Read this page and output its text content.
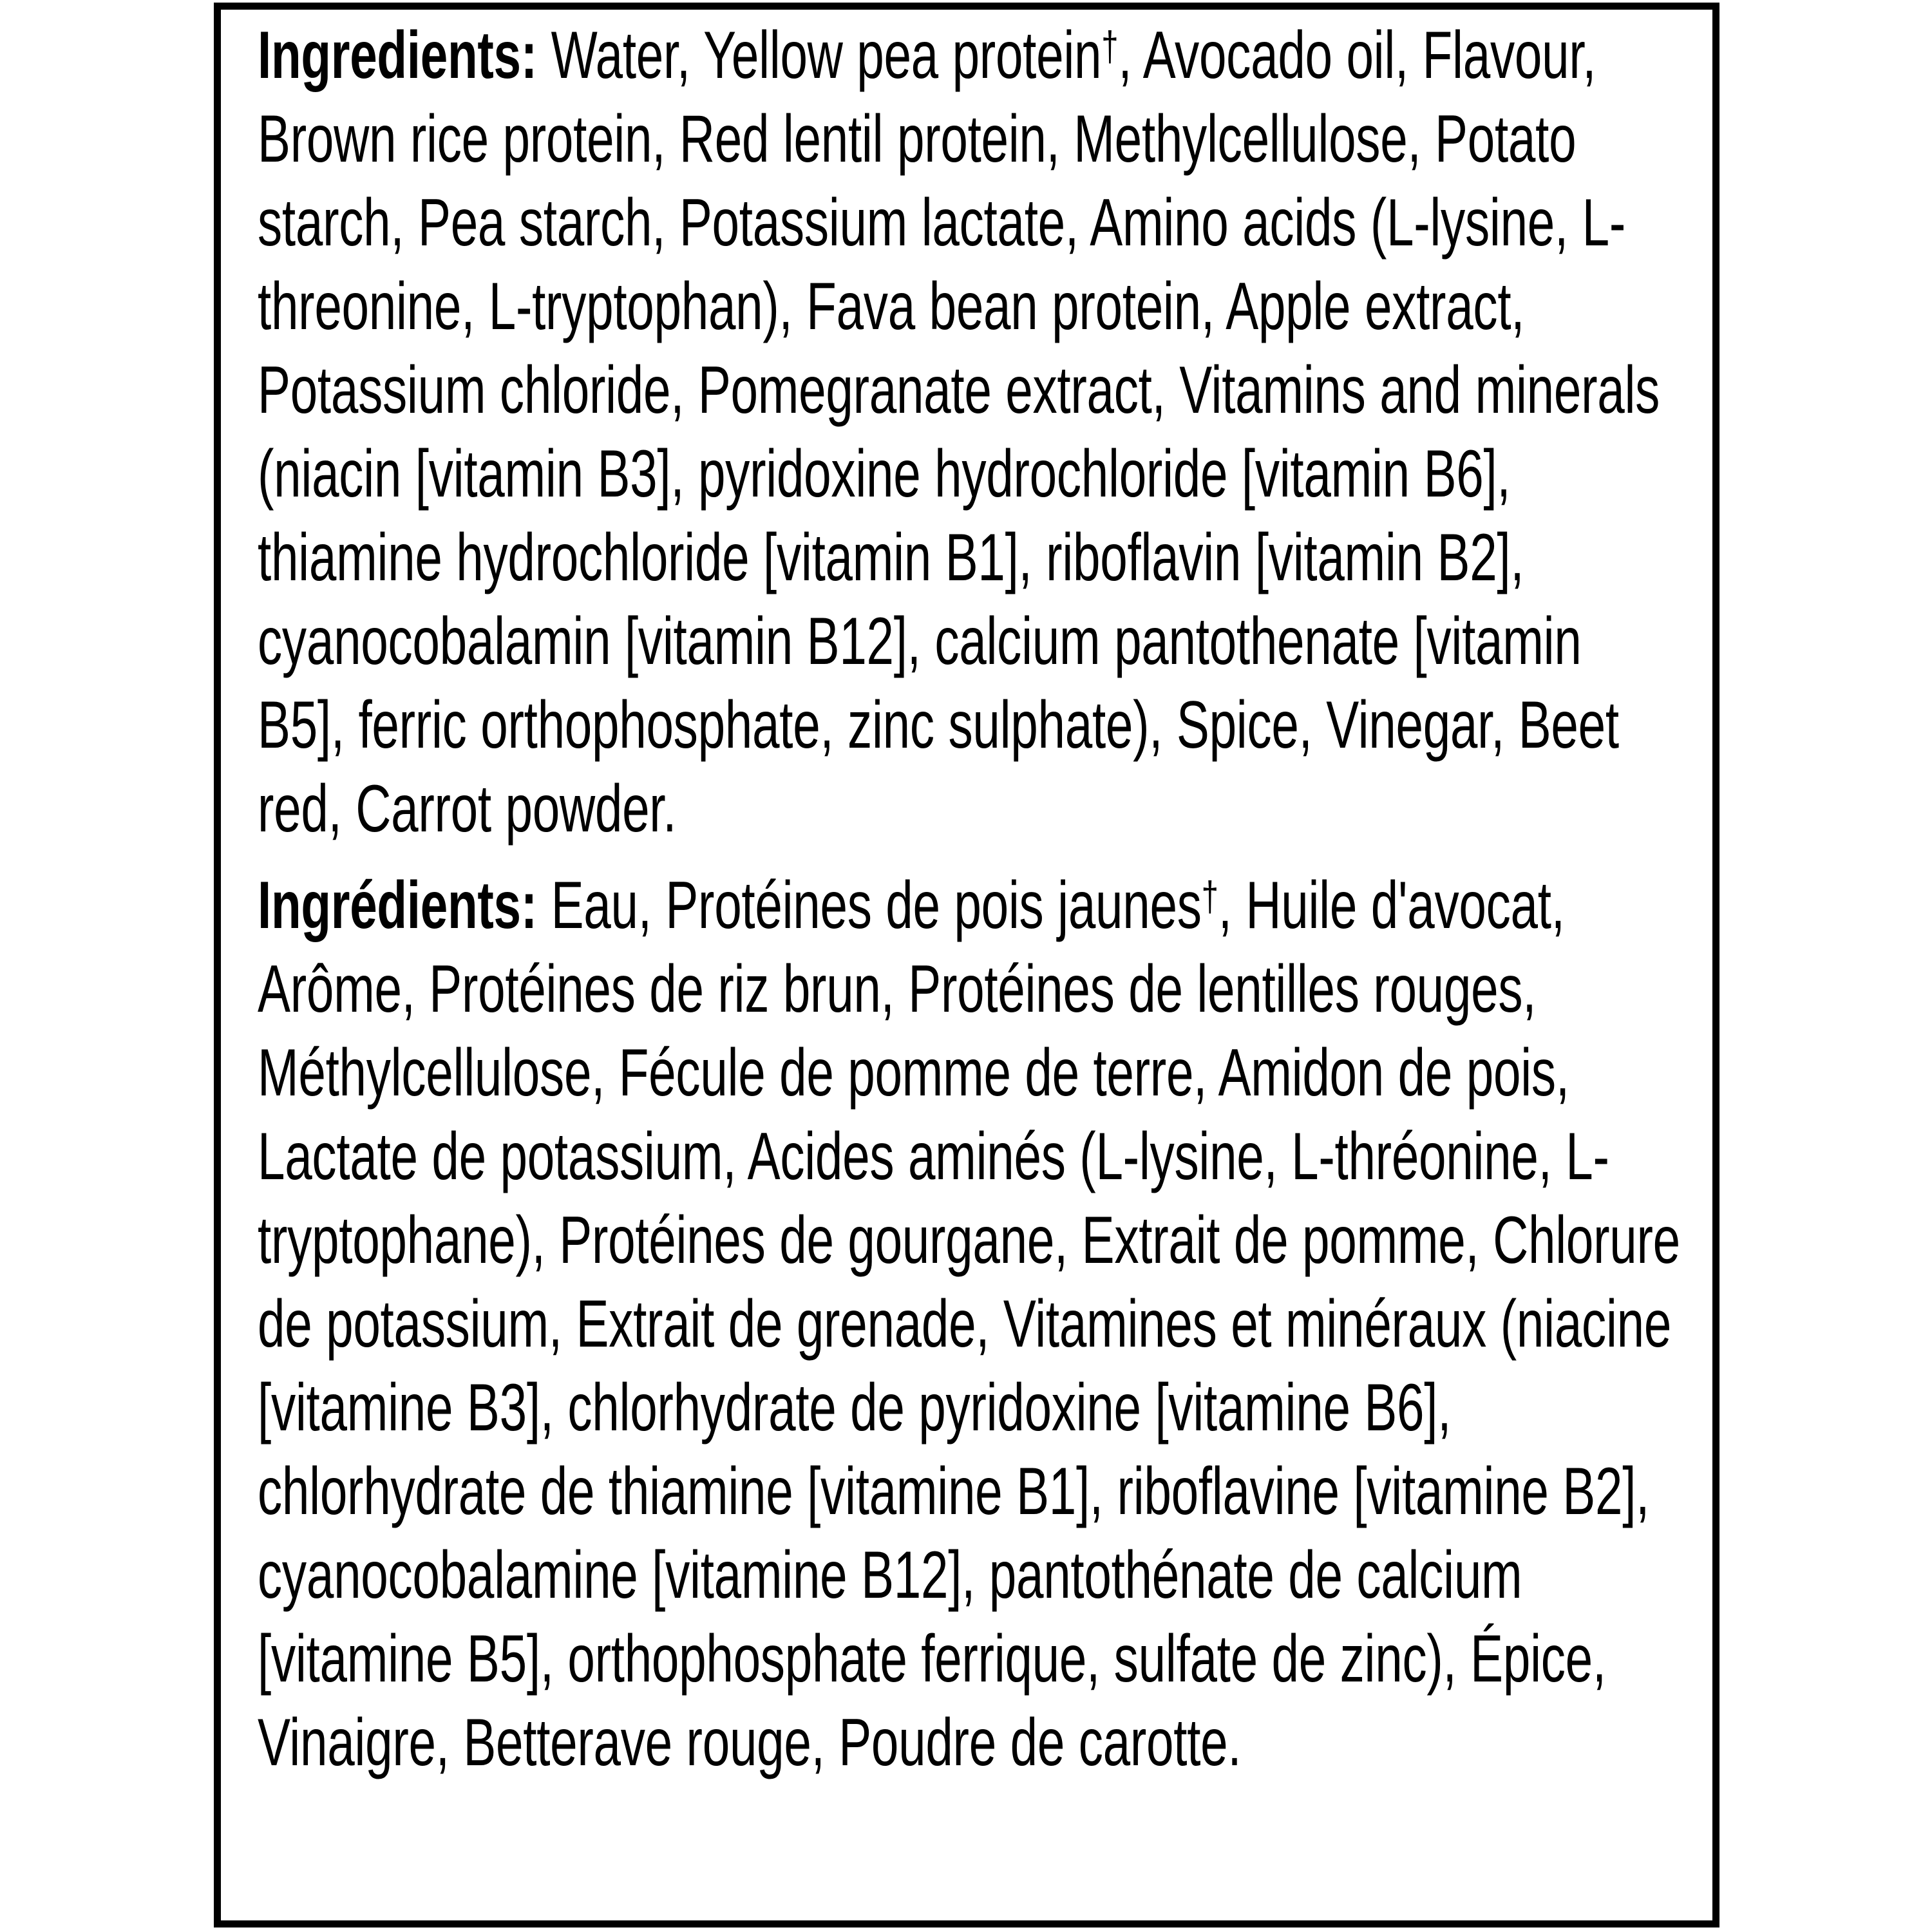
Ingredients: Water, Yellow pea protein†, Avocado oil, Flavour, Brown rice protein, Red lentil protein, Methylcellulose, Potato starch, Pea starch, Potassium lactate, Amino acids (L-lysine, L-threonine, L-tryptophan), Fava bean protein, Apple extract, Potassium chloride, Pomegranate extract, Vitamins and minerals (niacin [vitamin B3], pyridoxine hydrochloride [vitamin B6], thiamine hydrochloride [vitamin B1], riboflavin [vitamin B2], cyanocobalamin [vitamin B12], calcium pantothenate [vitamin B5], ferric orthophosphate, zinc sulphate), Spice, Vinegar, Beet red, Carrot powder.

Ingrédients: Eau, Protéines de pois jaunes†, Huile d'avocat, Arôme, Protéines de riz brun, Protéines de lentilles rouges, Méthylcellulose, Fécule de pomme de terre, Amidon de pois, Lactate de potassium, Acides aminés (L-lysine, L-thréonine, L-tryptophane), Protéines de gourgane, Extrait de pomme, Chlorure de potassium, Extrait de grenade, Vitamines et minéraux (niacine [vitamine B3], chlorhydrate de pyridoxine [vitamine B6], chlorhydrate de thiamine [vitamine B1], riboflavine [vitamine B2], cyanocobalamine [vitamine B12], pantothénate de calcium [vitamine B5], orthophosphate ferrique, sulfate de zinc), Épice, Vinaigre, Betterave rouge, Poudre de carotte.
